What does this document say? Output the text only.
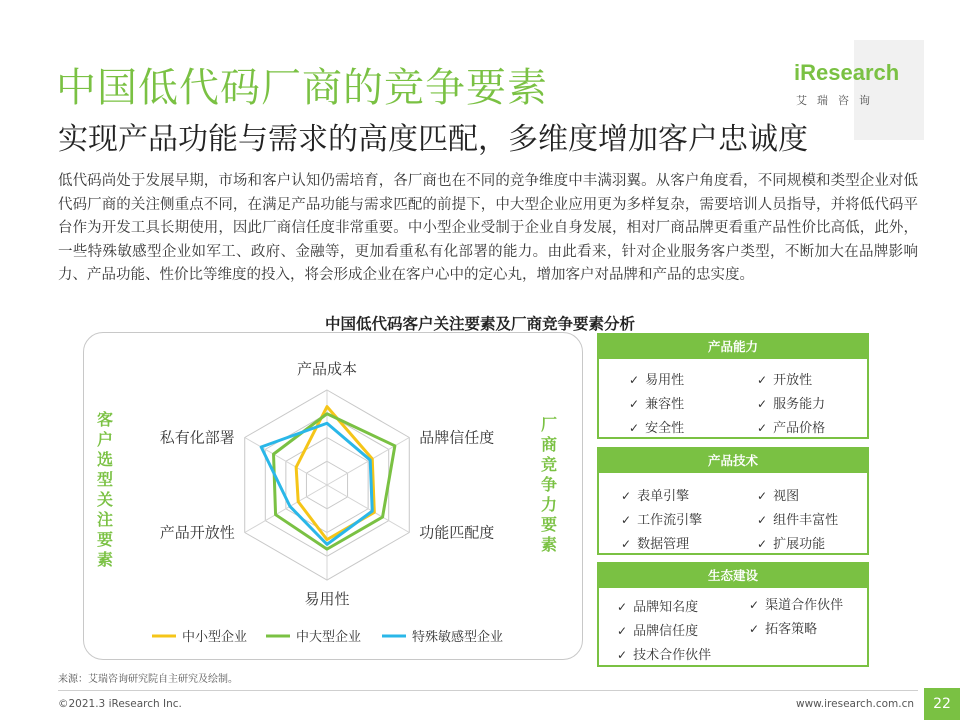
中国低代码厂商的竞争要素
实现产品功能与需求的高度匹配，多维度增加客户忠诚度
iResearch
艾瑞咨询
低代码尚处于发展早期，市场和客户认知仍需培育，各厂商也在不同的竞争维度中丰满羽翼。从客户角度看，不同规模和类型企业对低代码厂商的关注侧重点不同，在满足产品功能与需求匹配的前提下，中大型企业应用更为多样复杂，需要培训人员指导，并将低代码平台作为开发工具长期使用，因此厂商信任度非常重要。中小型企业受制于企业自身发展，相对厂商品牌更看重产品性价比高低，此外，一些特殊敏感型企业如军工、政府、金融等，更加看重私有化部署的能力。由此看来，针对企业服务客户类型，不断加大在品牌影响力、产品功能、性价比等维度的投入，将会形成企业在客户心中的定心丸，增加客户对品牌和产品的忠实度。
中国低代码客户关注要素及厂商竞争要素分析
客户选型关注要素
厂商竞争力要素
产品成本
品牌信任度
功能匹配度
易用性
产品开放性
私有化部署
中小型企业	中大型企业	特殊敏感型企业
产品能力
✓ 易用性	✓ 开放性
✓ 兼容性	✓ 服务能力
✓ 安全性	✓ 产品价格
产品技术
✓ 表单引擎	✓ 视图
✓ 工作流引擎	✓ 组件丰富性
✓ 数据管理	✓ 扩展功能
生态建设
✓ 品牌知名度	✓ 渠道合作伙伴
✓ 品牌信任度	✓ 拓客策略
✓ 技术合作伙伴
来源：艾瑞咨询研究院自主研究及绘制。
©2021.3 iResearch Inc.	www.iresearch.com.cn	22
